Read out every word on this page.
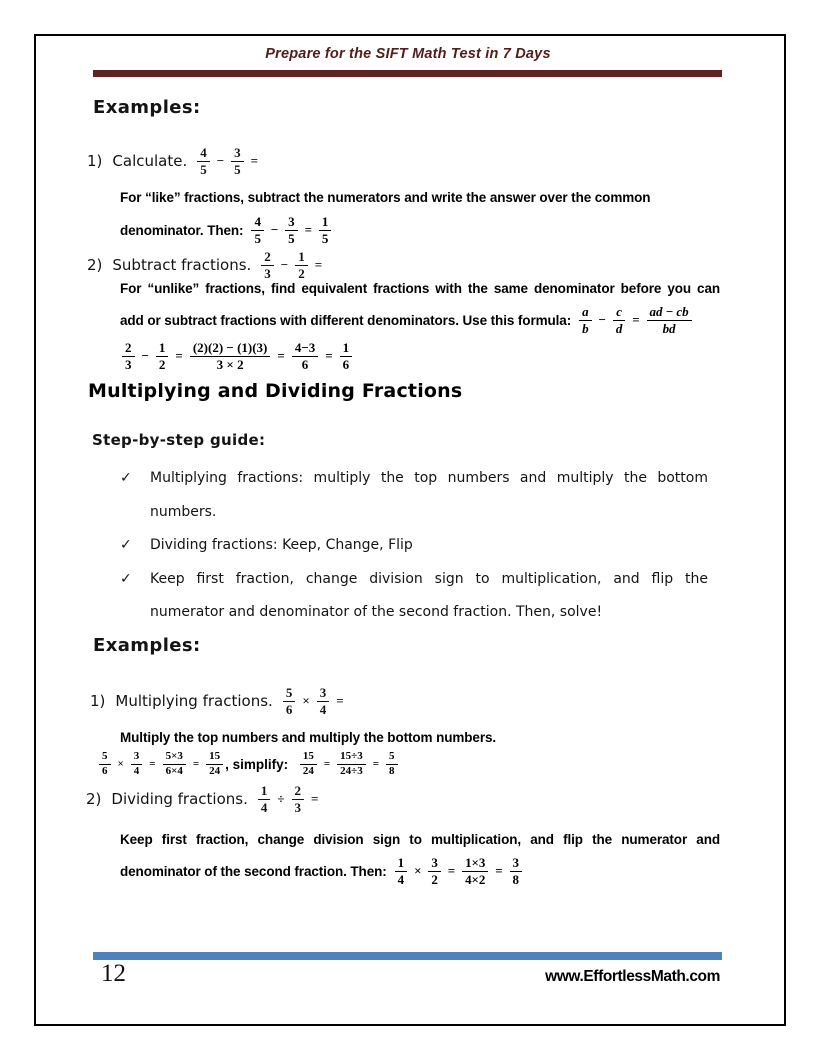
Prepare for the SIFT Math Test in 7 Days
Examples:
1) Calculate. $\frac{4}{5} - \frac{3}{5}$ =
For “like” fractions, subtract the numerators and write the answer over the common
denominator. Then: $\frac{4}{5} - \frac{3}{5} = \frac{1}{5}$
2) Subtract fractions. $\frac{2}{3} - \frac{1}{2}$ =
For “unlike” fractions, find equivalent fractions with the same denominator before you can
add or subtract fractions with different denominators. Use this formula: $\frac{a}{b} - \frac{c}{d} = \frac{ad - cb}{bd}$
$\frac{2}{3} - \frac{1}{2} = \frac{(2)(2) - (1)(3)}{3 \times 2} = \frac{4-3}{6} = \frac{1}{6}$
Multiplying and Dividing Fractions
Step-by-step guide:
✓ Multiplying fractions: multiply the top numbers and multiply the bottom numbers.
✓ Dividing fractions: Keep, Change, Flip
✓ Keep first fraction, change division sign to multiplication, and flip the numerator and denominator of the second fraction. Then, solve!
Examples:
1) Multiplying fractions. $\frac{5}{6} \times \frac{3}{4}$ =
Multiply the top numbers and multiply the bottom numbers.
$\frac{5}{6} \times \frac{3}{4} = \frac{5\times 3}{6\times 4} = \frac{15}{24}$ , simplify: $\frac{15}{24} = \frac{15\div 3}{24\div 3} = \frac{5}{8}$
2) Dividing fractions. $\frac{1}{4} \div \frac{2}{3}$ =
Keep first fraction, change division sign to multiplication, and flip the numerator and
denominator of the second fraction. Then: $\frac{1}{4} \times \frac{3}{2} = \frac{1\times 3}{4\times 2} = \frac{3}{8}$
12	www.EffortlessMath.com
